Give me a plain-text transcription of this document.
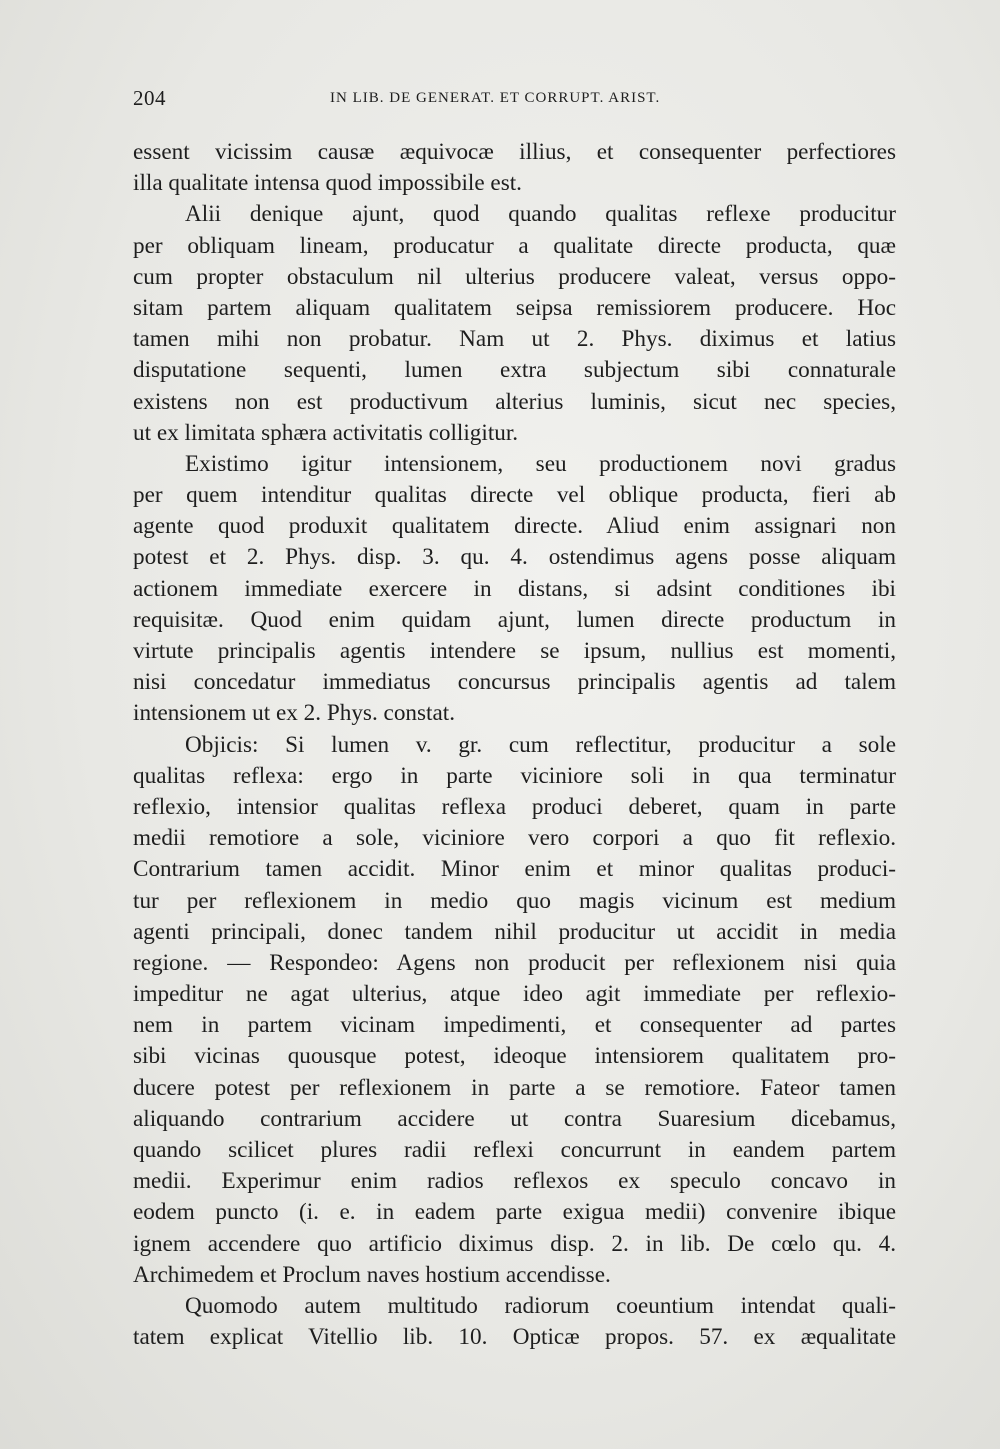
204	IN LIB. DE GENERAT. ET CORRUPT. ARIST.
essent vicissim causæ æquivocæ illius, et consequenter perfectiores
illa qualitate intensa quod impossibile est.
Alii denique ajunt, quod quando qualitas reflexe producitur
per obliquam lineam, producatur a qualitate directe producta, quæ
cum propter obstaculum nil ulterius producere valeat, versus oppo-
sitam partem aliquam qualitatem seipsa remissiorem producere. Hoc
tamen mihi non probatur. Nam ut 2. Phys. diximus et latius
disputatione sequenti, lumen extra subjectum sibi connaturale
existens non est productivum alterius luminis, sicut nec species,
ut ex limitata sphæra activitatis colligitur.
Existimo igitur intensionem, seu productionem novi gradus
per quem intenditur qualitas directe vel oblique producta, fieri ab
agente quod produxit qualitatem directe. Aliud enim assignari non
potest et 2. Phys. disp. 3. qu. 4. ostendimus agens posse aliquam
actionem immediate exercere in distans, si adsint conditiones ibi
requisitæ. Quod enim quidam ajunt, lumen directe productum in
virtute principalis agentis intendere se ipsum, nullius est momenti,
nisi concedatur immediatus concursus principalis agentis ad talem
intensionem ut ex 2. Phys. constat.
Objicis: Si lumen v. gr. cum reflectitur, producitur a sole
qualitas reflexa: ergo in parte viciniore soli in qua terminatur
reflexio, intensior qualitas reflexa produci deberet, quam in parte
medii remotiore a sole, viciniore vero corpori a quo fit reflexio.
Contrarium tamen accidit. Minor enim et minor qualitas produci-
tur per reflexionem in medio quo magis vicinum est medium
agenti principali, donec tandem nihil producitur ut accidit in media
regione. — Respondeo: Agens non producit per reflexionem nisi quia
impeditur ne agat ulterius, atque ideo agit immediate per reflexio-
nem in partem vicinam impedimenti, et consequenter ad partes
sibi vicinas quousque potest, ideoque intensiorem qualitatem pro-
ducere potest per reflexionem in parte a se remotiore. Fateor tamen
aliquando contrarium accidere ut contra Suaresium dicebamus,
quando scilicet plures radii reflexi concurrunt in eandem partem
medii. Experimur enim radios reflexos ex speculo concavo in
eodem puncto (i. e. in eadem parte exigua medii) convenire ibique
ignem accendere quo artificio diximus disp. 2. in lib. De cœlo qu. 4.
Archimedem et Proclum naves hostium accendisse.
Quomodo autem multitudo radiorum coeuntium intendat quali-
tatem explicat Vitellio lib. 10. Opticæ propos. 57. ex æqualitate
